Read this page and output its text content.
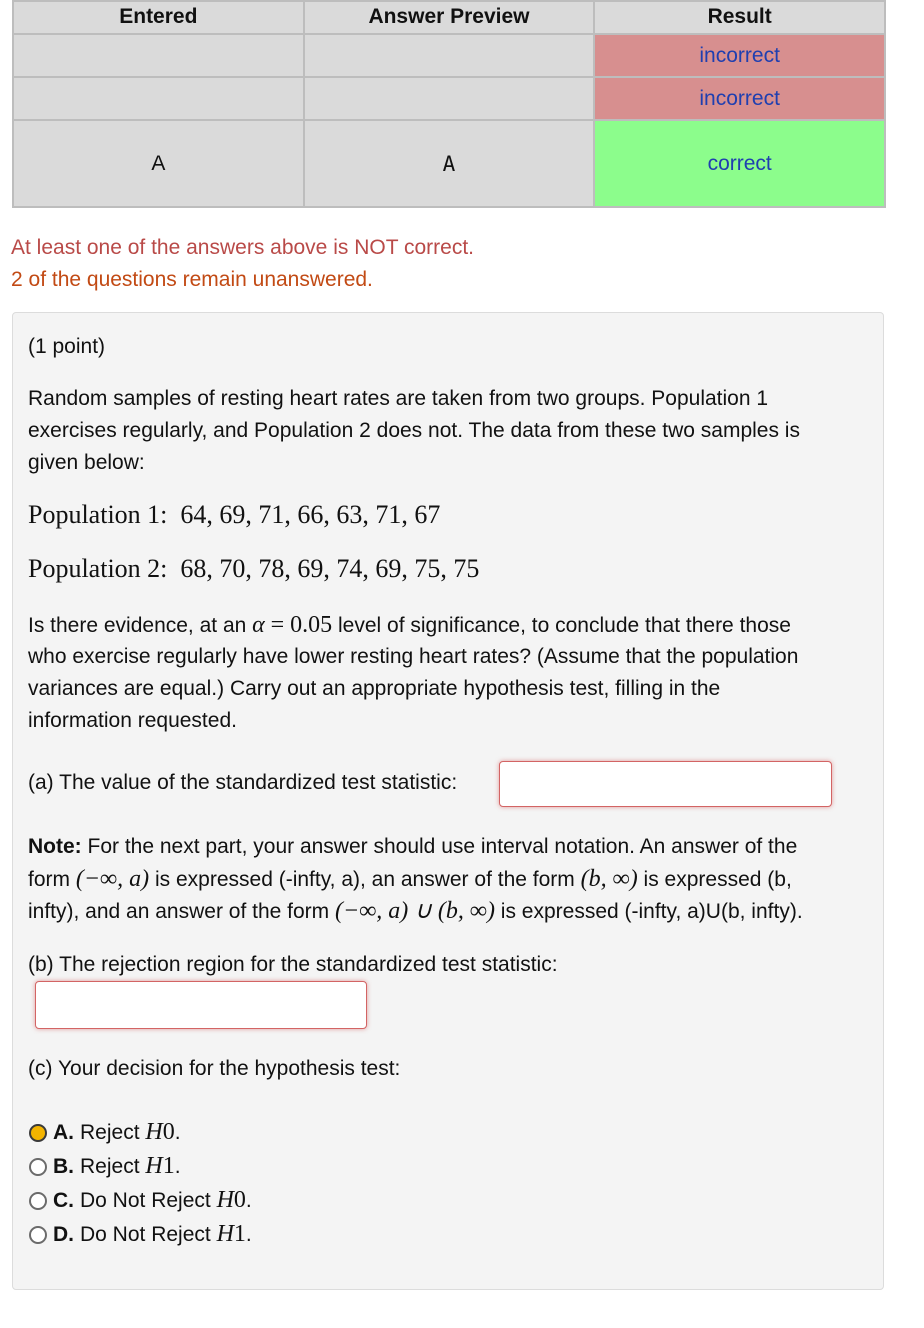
Entered	Answer Preview	Result
		incorrect
		incorrect
A	A	correct
At least one of the answers above is NOT correct.
2 of the questions remain unanswered.
(1 point)
Random samples of resting heart rates are taken from two groups. Population 1
exercises regularly, and Population 2 does not. The data from these two samples is
given below:
Population 1: 64, 69, 71, 66, 63, 71, 67
Population 2: 68, 70, 78, 69, 74, 69, 75, 75
Is there evidence, at an α = 0.05 level of significance, to conclude that there those
who exercise regularly have lower resting heart rates? (Assume that the population
variances are equal.) Carry out an appropriate hypothesis test, filling in the
information requested.
(a) The value of the standardized test statistic:
Note: For the next part, your answer should use interval notation. An answer of the
form (−∞, a) is expressed (-infty, a), an answer of the form (b, ∞) is expressed (b,
infty), and an answer of the form (−∞, a) ∪ (b, ∞) is expressed (-infty, a)U(b, infty).
(b) The rejection region for the standardized test statistic:
(c) Your decision for the hypothesis test:
A. Reject
H 0 .
B. Reject
H 1 .
C. Do Not Reject
H 0 .
D. Do Not Reject
H 1 .
